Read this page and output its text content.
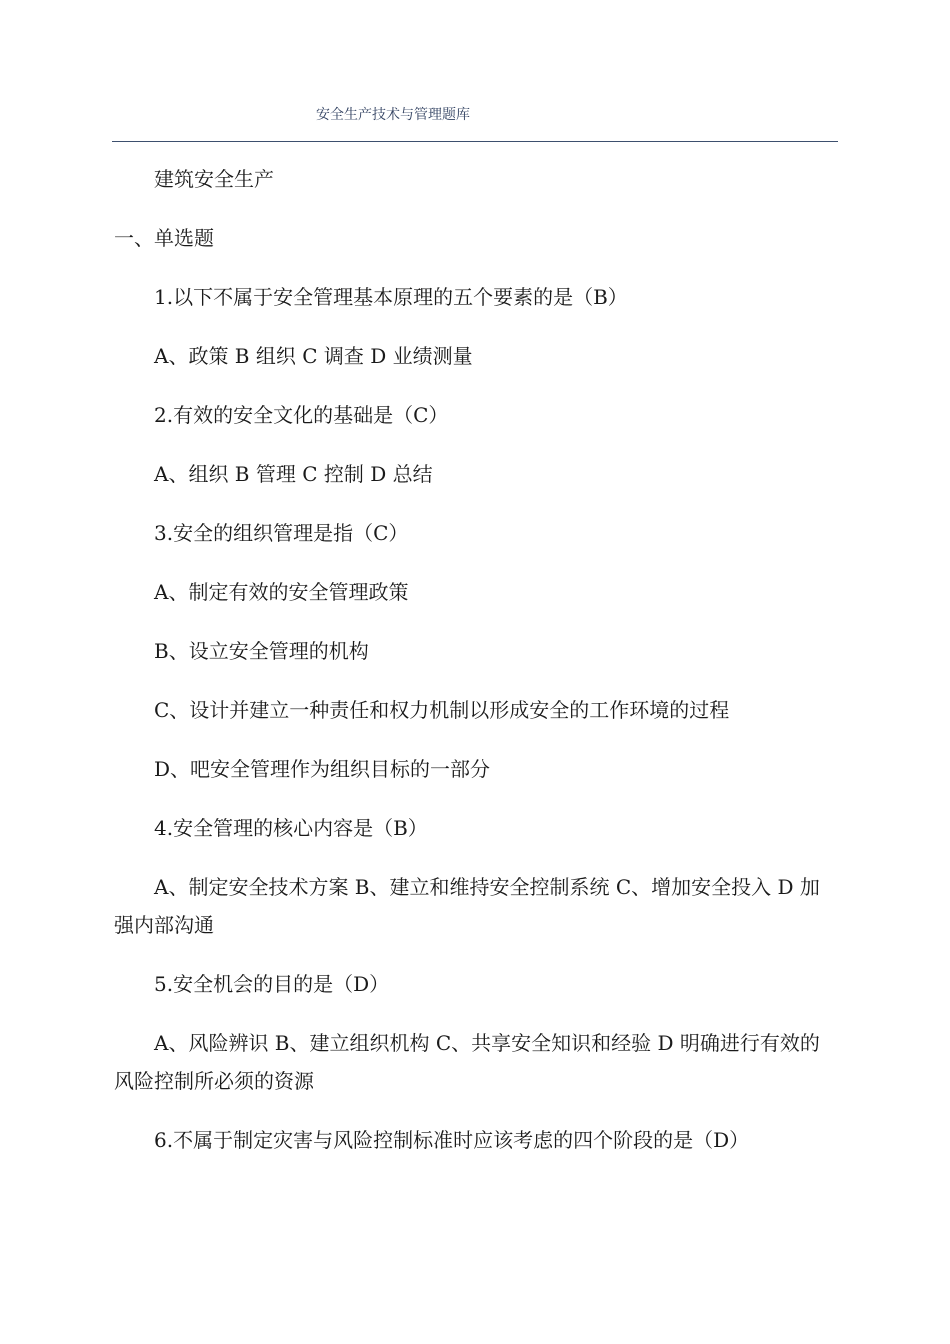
安全生产技术与管理题库

建筑安全生产

一、单选题

1.以下不属于安全管理基本原理的五个要素的是（B）

A、政策 B 组织 C 调查 D 业绩测量

2.有效的安全文化的基础是（C）

A、组织 B 管理 C 控制 D 总结

3.安全的组织管理是指（C）

A、制定有效的安全管理政策

B、设立安全管理的机构

C、设计并建立一种责任和权力机制以形成安全的工作环境的过程

D、吧安全管理作为组织目标的一部分

4.安全管理的核心内容是（B）

A、制定安全技术方案 B、建立和维持安全控制系统 C、增加安全投入 D 加强内部沟通

5.安全机会的目的是（D）

A、风险辨识 B、建立组织机构 C、共享安全知识和经验 D 明确进行有效的风险控制所必须的资源

6.不属于制定灾害与风险控制标准时应该考虑的四个阶段的是（D）
